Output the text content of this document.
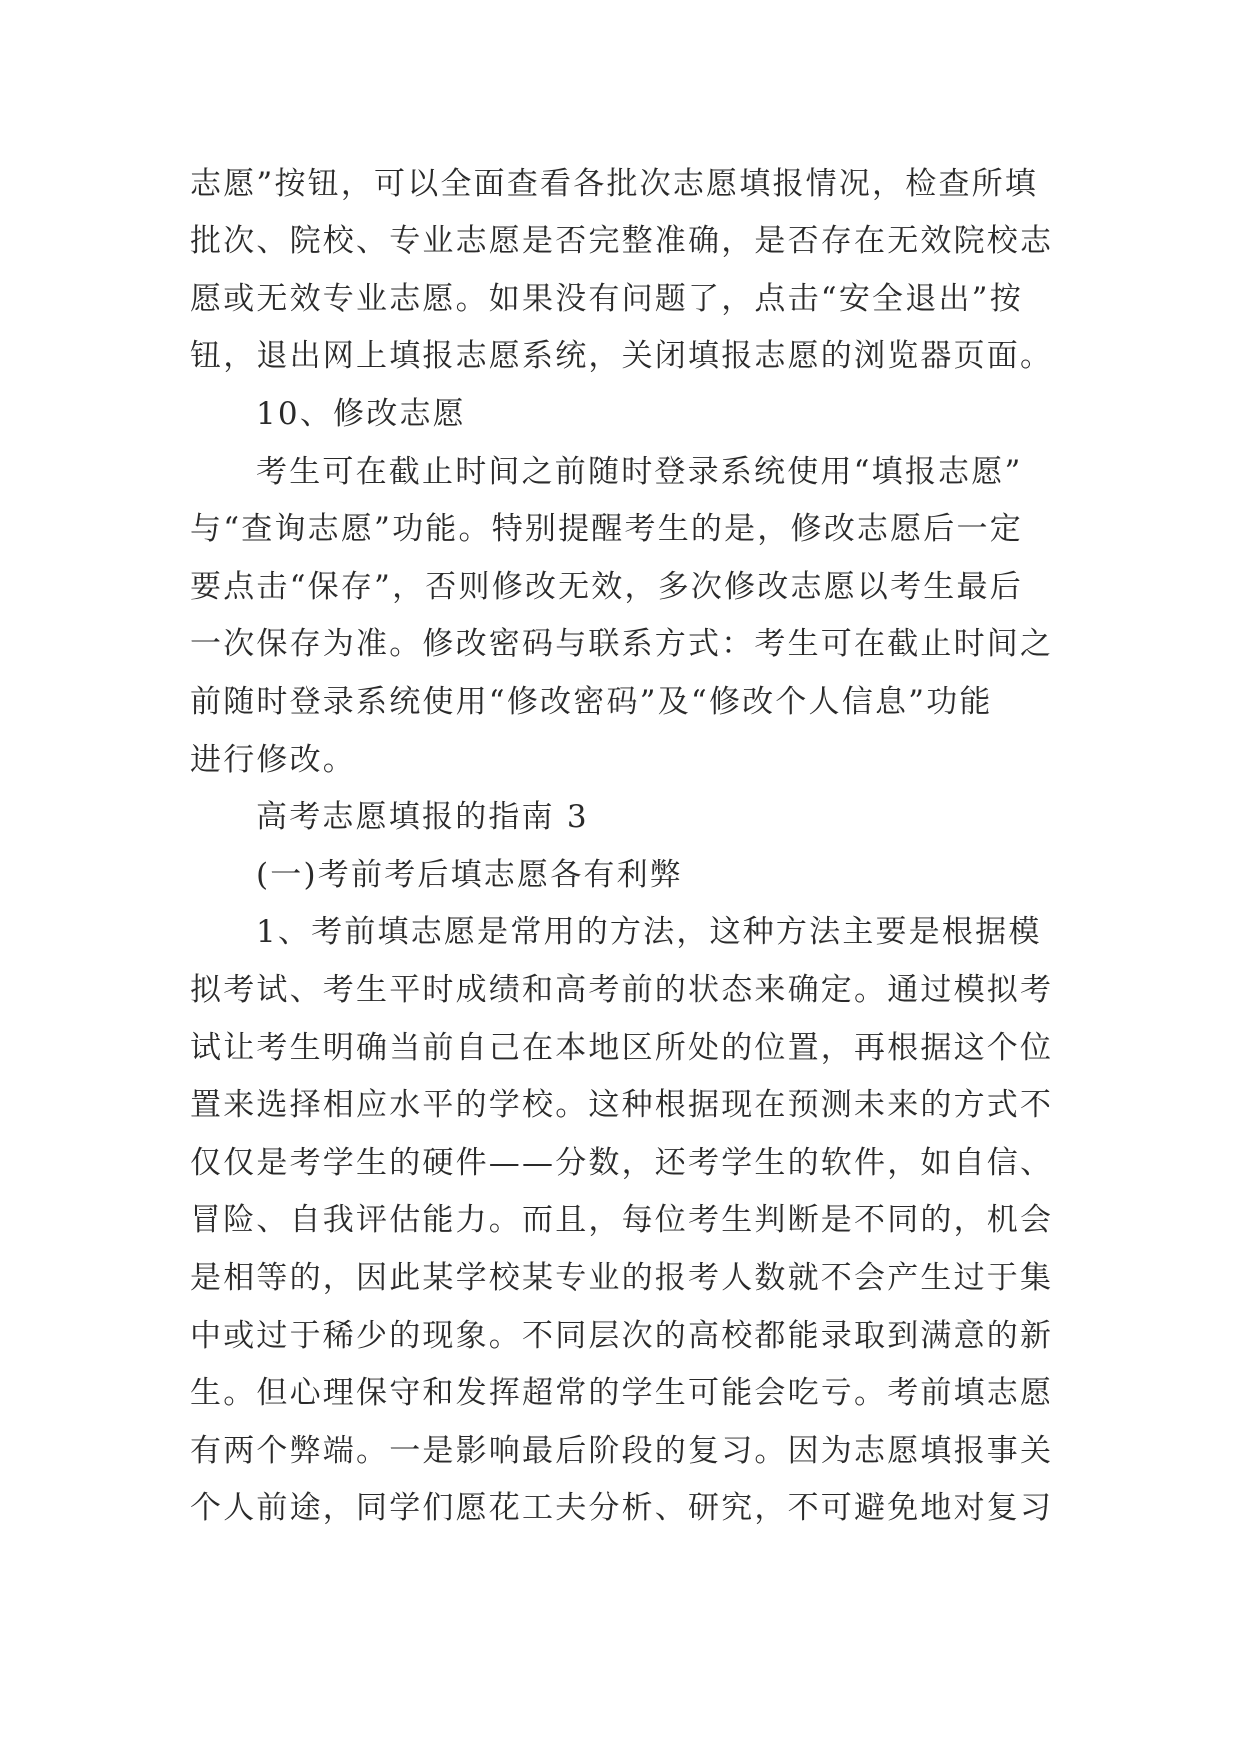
志愿”按钮，可以全面查看各批次志愿填报情况，检查所填
批次、院校、专业志愿是否完整准确，是否存在无效院校志
愿或无效专业志愿。如果没有问题了，点击“安全退出”按
钮，退出网上填报志愿系统，关闭填报志愿的浏览器页面。
10、修改志愿
考生可在截止时间之前随时登录系统使用“填报志愿”
与“查询志愿”功能。特别提醒考生的是，修改志愿后一定
要点击“保存”，否则修改无效，多次修改志愿以考生最后
一次保存为准。修改密码与联系方式：考生可在截止时间之
前随时登录系统使用“修改密码”及“修改个人信息”功能
进行修改。
高考志愿填报的指南 3
(一)考前考后填志愿各有利弊
1、考前填志愿是常用的方法，这种方法主要是根据模
拟考试、考生平时成绩和高考前的状态来确定。通过模拟考
试让考生明确当前自己在本地区所处的位置，再根据这个位
置来选择相应水平的学校。这种根据现在预测未来的方式不
仅仅是考学生的硬件——分数，还考学生的软件，如自信、
冒险、自我评估能力。而且，每位考生判断是不同的，机会
是相等的，因此某学校某专业的报考人数就不会产生过于集
中或过于稀少的现象。不同层次的高校都能录取到满意的新
生。但心理保守和发挥超常的学生可能会吃亏。考前填志愿
有两个弊端。一是影响最后阶段的复习。因为志愿填报事关
个人前途，同学们愿花工夫分析、研究，不可避免地对复习
